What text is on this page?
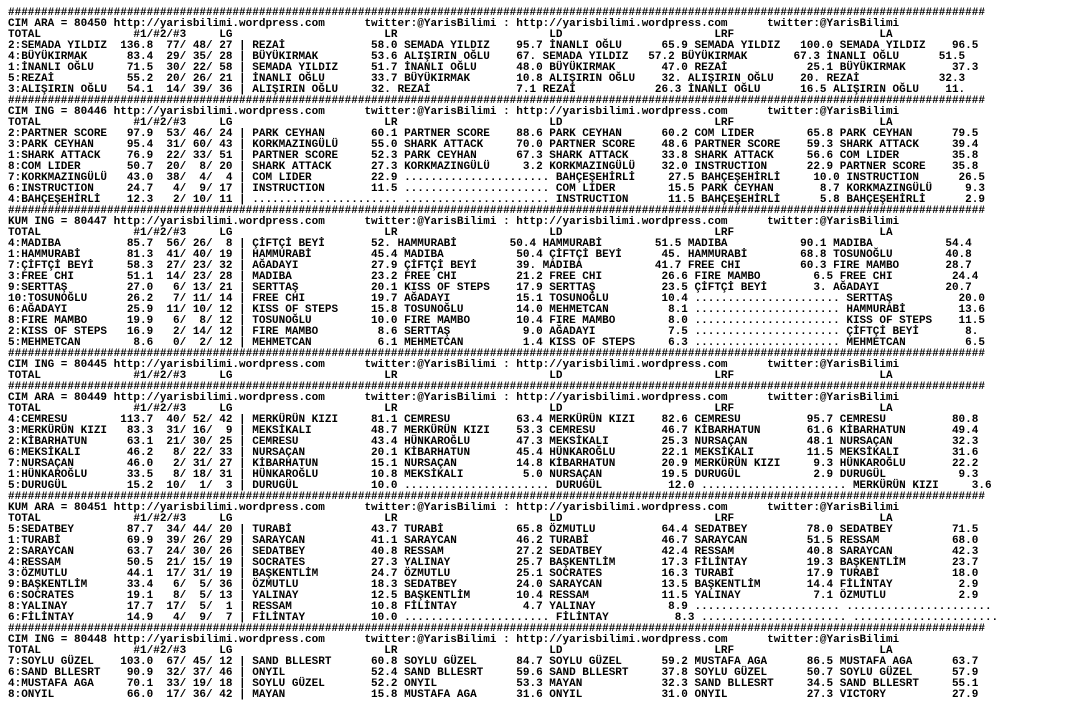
####################################################################################################################################################
CIM ARA = 80450 http://yarisbilimi.wordpress.com      twitter:@YarisBilimi : http://yarisbilimi.wordpress.com      twitter:@YarisBilimi
TOTAL              #1/#2/#3     LG                       LR                       LD                       LRF                      LA
2:SEMADA YILDIZ  136.8  77/ 48/ 27 | REZAİ             58.0 SEMADA YILDIZ    95.7 İNANLI OĞLU      65.9 SEMADA YILDIZ   100.0 SEMADA YILDIZ    96.5
4:BÜYÜKIRMAK      83.4  29/ 35/ 28 | BÜYÜKIRMAK        53.6 ALIŞIRIN OĞLU    67. SEMADA YILDIZ   57.2 BÜYÜKIRMAK       67.3 İNANLI OĞLU      51.5
1:İNANLI OĞLU     71.5  30/ 22/ 58 | SEMADA YILDIZ     51.7 İNANLI OĞLU      48.0 BÜYÜKIRMAK       47.0 REZAİ            25.1 BÜYÜKIRMAK       37.3
5:REZAİ           55.2  20/ 26/ 21 | İNANLI OĞLU       33.7 BÜYÜKIRMAK       10.8 ALIŞIRIN OĞLU    32. ALIŞIRIN OĞLU    20. REZAİ            32.3
3:ALIŞIRIN OĞLU   54.1  14/ 39/ 36 | ALIŞIRIN OĞLU     32. REZAİ             7.1 REZAİ            26.3 İNANLI OĞLU      16.5 ALIŞIRIN OĞLU    11.
####################################################################################################################################################
CIM ING = 80446 http://yarisbilimi.wordpress.com      twitter:@YarisBilimi : http://yarisbilimi.wordpress.com      twitter:@YarisBilimi
TOTAL              #1/#2/#3     LG                       LR                       LD                       LRF                      LA
2:PARTNER SCORE   97.9  53/ 46/ 24 | PARK CEYHAN       60.1 PARTNER SCORE    88.6 PARK CEYHAN      60.2 COM LIDER        65.8 PARK CEYHAN      79.5
3:PARK CEYHAN     95.4  31/ 60/ 43 | KORKMAZINGÜLÜ     55.0 SHARK ATTACK     70.0 PARTNER SCORE    48.6 PARTNER SCORE    59.3 SHARK ATTACK     39.4
1:SHARK ATTACK    76.9  22/ 33/ 51 | PARTNER SCORE     52.3 PARK CEYHAN      67.3 SHARK ATTACK     33.8 SHARK ATTACK     56.6 COM LIDER        35.8
8:COM LIDER       50.7  20/  8/ 20 | SHARK ATTACK      27.3 KORKMAZINGÜLÜ     3.2 KORKMAZINGÜLÜ    32.0 INSTRUCTION      22.9 PARTNER SCORE    35.8
7:KORKMAZINGÜLÜ   43.0  38/  4/  4 | COM LIDER         22.9 ...................... BAHÇEŞEHİRLİ     27.5 BAHÇEŞEHİRLİ     10.0 INSTRUCTION      26.5
6:INSTRUCTION     24.7   4/  9/ 17 | INSTRUCTION       11.5 ...................... COM LIDER        15.5 PARK CEYHAN       8.7 KORKMAZINGÜLÜ     9.3
4:BAHÇEŞEHİRLİ    12.3   2/ 10/ 11 | ...................... ...................... INSTRUCTION      11.5 BAHÇEŞEHİRLİ      5.8 BAHÇEŞEHİRLİ      2.9
####################################################################################################################################################
KUM ING = 80447 http://yarisbilimi.wordpress.com      twitter:@YarisBilimi : http://yarisbilimi.wordpress.com      twitter:@YarisBilimi
TOTAL              #1/#2/#3     LG                       LR                       LD                       LRF                      LA
4:MADIBA          85.7  56/ 26/  8 | ÇİFTÇİ BEYİ       52. HAMMURABİ        50.4 HAMMURABİ        51.5 MADIBA           90.1 MADIBA           54.4
1:HAMMURABİ       81.3  41/ 40/ 19 | HAMMURABİ         45.4 MADIBA           50.4 ÇİFTÇİ BEYİ      45. HAMMURABİ        68.8 TOSUNOĞLU        40.8
7:ÇİFTÇİ BEYİ     58.3  27/ 23/ 32 | AĞADAYI           27.9 ÇİFTÇİ BEYİ      39. MADIBA           41.7 FREE CHI         60.3 FIRE MAMBO       28.7
3:FREE CHI        51.1  14/ 23/ 28 | MADIBA            23.2 FREE CHI         21.2 FREE CHI         26.6 FIRE MAMBO        6.5 FREE CHI         24.4
9:SERTTAŞ         27.0   6/ 13/ 21 | SERTTAŞ           20.1 KISS OF STEPS    17.9 SERTTAŞ          23.5 ÇİFTÇİ BEYİ       3. AĞADAYI          20.7
10:TOSUNOĞLU      26.2   7/ 11/ 14 | FREE CHI          19.7 AĞADAYI          15.1 TOSUNOĞLU        10.4 ...................... SERTTAŞ          20.0
6:AĞADAYI         25.9  11/ 10/ 12 | KISS OF STEPS     15.8 TOSUNOĞLU        14.0 MEHMETCAN         8.1 ...................... HAMMURABİ        13.6
8:FIRE MAMBO      19.9   6/  8/ 12 | TOSUNOĞLU         10.0 FIRE MAMBO       10.4 FIRE MAMBO        8.0 ...................... KISS OF STEPS    11.5
2:KISS OF STEPS   16.9   2/ 14/ 12 | FIRE MAMBO         8.6 SERTTAŞ           9.0 AĞADAYI           7.5 ...................... ÇİFTÇİ BEYİ       8.
5:MEHMETCAN        8.6   0/  2/ 12 | MEHMETCAN          6.1 MEHMETCAN         1.4 KISS OF STEPS     6.3 ...................... MEHMETCAN         6.5
####################################################################################################################################################
CIM ING = 80445 http://yarisbilimi.wordpress.com      twitter:@YarisBilimi : http://yarisbilimi.wordpress.com      twitter:@YarisBilimi
TOTAL              #1/#2/#3     LG                       LR                       LD                       LRF                      LA
####################################################################################################################################################
CIM ARA = 80449 http://yarisbilimi.wordpress.com      twitter:@YarisBilimi : http://yarisbilimi.wordpress.com      twitter:@YarisBilimi
TOTAL              #1/#2/#3     LG                       LR                       LD                       LRF                      LA
4:CEMRESU        113.7  40/ 52/ 42 | MERKÜRÜN KIZI     81.1 CEMRESU          63.4 MERKÜRÜN KIZI    82.6 CEMRESU          95.7 CEMRESU          80.8
3:MERKÜRÜN KIZI   83.3  31/ 16/  9 | MEKSİKALI         48.7 MERKÜRÜN KIZI    53.3 CEMRESU          46.7 KİBARHATUN       61.6 KİBARHATUN       49.4
2:KİBARHATUN      63.1  21/ 30/ 25 | CEMRESU           43.4 HÜNKAROĞLU       47.3 MEKSİKALI        25.3 NURSAÇAN         48.1 NURSAÇAN         32.3
6:MEKSİKALI       46.2   8/ 22/ 33 | NURSAÇAN          20.1 KİBARHATUN       45.4 HÜNKAROĞLU       22.1 MEKSİKALI        11.5 MEKSİKALI        31.6
7:NURSAÇAN        46.0   2/ 31/ 27 | KİBARHATUN        15.1 NURSAÇAN         14.8 KİBARHATUN       20.9 MERKÜRÜN KIZI     9.3 HÜNKAROĞLU       22.2
1:HÜNKAROĞLU      33.5   8/ 18/ 31 | HÜNKAROĞLU        10.8 MEKSİKALI         5.0 NURSAÇAN         19.5 DURUGÜL           2.9 DURUGÜL           9.3
5:DURUGÜL         15.2  10/  1/  3 | DURUGÜL           10.0 ...................... DURUGÜL          12.0 ...................... MERKÜRÜN KIZI     3.6
####################################################################################################################################################
KUM ARA = 80451 http://yarisbilimi.wordpress.com      twitter:@YarisBilimi : http://yarisbilimi.wordpress.com      twitter:@YarisBilimi
TOTAL              #1/#2/#3     LG                       LR                       LD                       LRF                      LA
5:SEDATBEY        87.7  34/ 44/ 20 | TURABİ            43.7 TURABİ           65.8 ÖZMUTLU          64.4 SEDATBEY         78.0 SEDATBEY         71.5
1:TURABİ          69.9  39/ 26/ 29 | SARAYCAN          41.1 SARAYCAN         46.2 TURABİ           46.7 SARAYCAN         51.5 RESSAM           68.0
2:SARAYCAN        63.7  24/ 30/ 26 | SEDATBEY          40.8 RESSAM           27.2 SEDATBEY         42.4 RESSAM           40.8 SARAYCAN         42.3
4:RESSAM          50.5  21/ 15/ 19 | SOCRATES          27.3 YALINAY          25.7 BAŞKENTLİM       17.3 FİLİNTAY         19.3 BAŞKENTLİM       23.7
3:ÖZMUTLU         44.1  17/ 31/ 19 | BAŞKENTLİM        24.7 ÖZMUTLU          25.1 SOCRATES         16.3 TURABİ           17.9 TURABİ           18.0
9:BAŞKENTLİM      33.4   6/  5/ 36 | ÖZMUTLU           18.3 SEDATBEY         24.0 SARAYCAN         13.5 BAŞKENTLİM       14.4 FİLİNTAY          2.9
6:SOCRATES        19.1   8/  5/ 13 | YALINAY           12.5 BAŞKENTLİM       10.4 RESSAM           11.5 YALINAY           7.1 ÖZMUTLU           2.9
8:YALINAY         17.7  17/  5/  1 | RESSAM            10.8 FİLİNTAY          4.7 YALINAY           8.9 ...................... ......................
6:FİLİNTAY        14.9   4/  9/  7 | FİLİNTAY          10.0 ...................... FİLİNTAY          8.3 ...................... ......................
####################################################################################################################################################
CIM ING = 80448 http://yarisbilimi.wordpress.com      twitter:@YarisBilimi : http://yarisbilimi.wordpress.com      twitter:@YarisBilimi
TOTAL              #1/#2/#3     LG                       LR                       LD                       LRF                      LA
7:SOYLU GÜZEL    103.0  67/ 45/ 12 | SAND BLLESRT      60.8 SOYLU GÜZEL      84.7 SOYLU GÜZEL      59.2 MUSTAFA AGA      86.5 MUSTAFA AGA      63.7
6:SAND BLLESRT    90.9  32/ 37/ 46 | ONYIL             52.4 SAND BLLESRT     59.6 SAND BLLESRT     37.8 SOYLU GÜZEL      50.7 SOYLU GÜZEL      57.9
4:MUSTAFA AGA     70.1  33/ 19/ 18 | SOYLU GÜZEL       52.2 ONYIL            53.3 MAYAN            32.3 SAND BLLESRT     34.5 SAND BLLESRT     55.1
8:ONYIL           66.0  17/ 36/ 42 | MAYAN             15.8 MUSTAFA AGA      31.6 ONYIL            31.0 ONYIL            27.3 VICTORY          27.9
